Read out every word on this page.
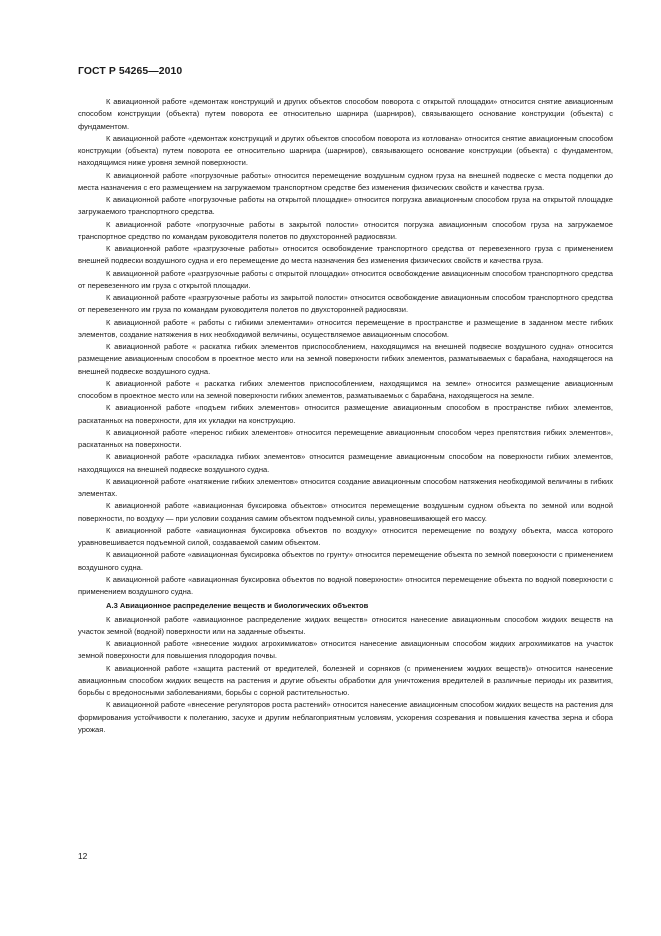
ГОСТ Р 54265—2010

К авиационной работе «демонтаж конструкций и других объектов способом поворота с открытой площадки» относится снятие авиационным способом конструкции (объекта) путем поворота ее относительно шарнира (шарниров), связывающего основание конструкции (объекта) с фундаментом.

К авиационной работе «демонтаж конструкций и других объектов способом поворота из котлована» относится снятие авиационным способом конструкции (объекта) путем поворота ее относительно шарнира (шарниров), связывающего основание конструкции (объекта) с фундаментом, находящимся ниже уровня земной поверхности.

К авиационной работе «погрузочные работы» относится перемещение воздушным судном груза на внешней подвеске с места подцепки до места назначения с его размещением на загружаемом транспортном средстве без изменения физических свойств и качества груза.

К авиационной работе «погрузочные работы на открытой площадке» относится погрузка авиационным способом груза на открытой площадке загружаемого транспортного средства.

К авиационной работе «погрузочные работы в закрытой полости» относится погрузка авиационным способом груза на загружаемое транспортное средство по командам руководителя полетов по двухсторонней радиосвязи.

К авиационной работе «разгрузочные работы» относится освобождение транспортного средства от перевезенного груза с применением внешней подвески воздушного судна и его перемещение до места назначения без изменения физических свойств и качества груза.

К авиационной работе «разгрузочные работы с открытой площадки» относится освобождение авиационным способом транспортного средства от перевезенного им груза с открытой площадки.

К авиационной работе «разгрузочные работы из закрытой полости» относится освобождение авиационным способом транспортного средства от перевезенного им груза по командам руководителя полетов по двухсторонней радиосвязи.

К авиационной работе « работы с гибкими элементами» относится перемещение в пространстве и размещение в заданном месте гибких элементов, создание натяжения в них необходимой величины, осуществляемое авиационным способом.

К авиационной работе « раскатка гибких элементов приспособлением, находящимся на внешней подвеске воздушного судна» относится размещение авиационным способом в проектное место или на земной поверхности гибких элементов, разматываемых с барабана, находящегося на внешней подвеске воздушного судна.

К авиационной работе « раскатка гибких элементов приспособлением, находящимся на земле» относится размещение авиационным способом в проектное место или на земной поверхности гибких элементов, разматываемых с барабана, находящегося на земле.

К авиационной работе «подъем гибких элементов» относится размещение авиационным способом в пространстве гибких элементов, раскатанных на поверхности, для их укладки на конструкцию.

К авиационной работе «перенос гибких элементов» относится перемещение авиационным способом через препятствия гибких элементов», раскатанных на поверхности.

К авиационной работе «раскладка гибких элементов» относится размещение авиационным способом на поверхности гибких элементов, находящихся на внешней подвеске воздушного судна.

К авиационной работе «натяжение гибких элементов» относится создание авиационным способом натяжения необходимой величины в гибких элементах.

К авиационной работе «авиационная буксировка объектов» относится перемещение воздушным судном объекта по земной или водной поверхности, по воздуху — при условии создания самим объектом подъемной силы, уравновешивающей его массу.

К авиационной работе «авиационная буксировка объектов по воздуху» относится перемещение по воздуху объекта, масса которого уравновешивается подъемной силой, создаваемой самим объектом.

К авиационной работе «авиационная буксировка объектов по грунту» относится перемещение объекта по земной поверхности с применением воздушного судна.

К авиационной работе «авиационная буксировка объектов по водной поверхности» относится перемещение объекта по водной поверхности с применением воздушного судна.

А.3 Авиационное распределение веществ и биологических объектов

К авиационной работе «авиационное распределение жидких веществ» относится нанесение авиационным способом жидких веществ на участок земной (водной) поверхности или на заданные объекты.

К авиационной работе «внесение жидких агрохимикатов» относится нанесение авиационным способом жидких агрохимикатов на участок земной поверхности для повышения плодородия почвы.

К авиационной работе «защита растений от вредителей, болезней и сорняков (с применением жидких веществ)» относится нанесение авиационным способом жидких веществ на растения и другие объекты обработки для уничтожения вредителей в различные периоды их развития, борьбы с вредоносными заболеваниями, борьбы с сорной растительностью.

К авиационной работе «внесение регуляторов роста растений» относится нанесение авиационным способом жидких веществ на растения для формирования устойчивости к полеганию, засухе и другим неблагоприятным условиям, ускорения созревания и повышения качества зерна и сбора урожая.

12
